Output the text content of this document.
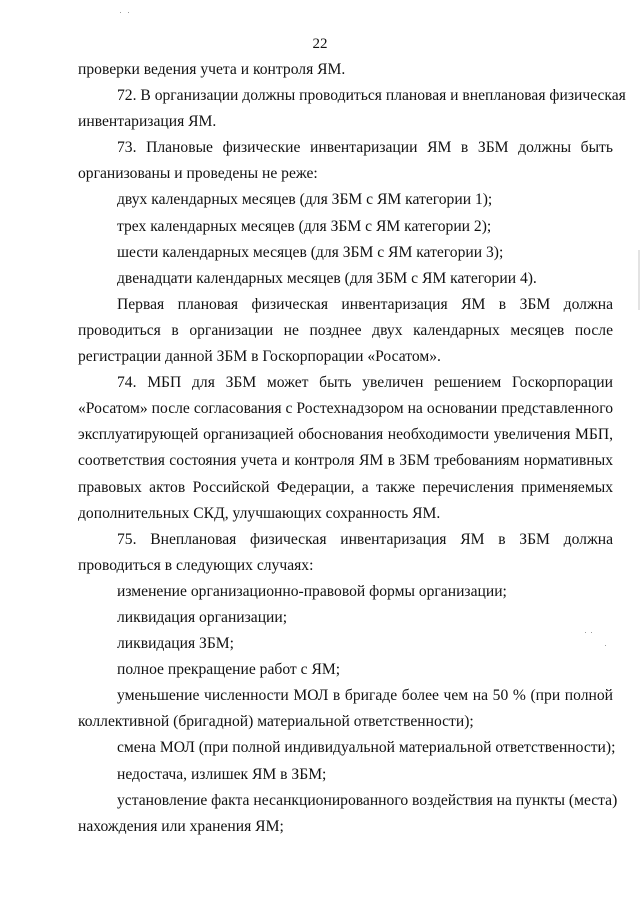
22
проверки ведения учета и контроля ЯМ.
72. В организации должны проводиться плановая и внеплановая физическая
инвентаризация ЯМ.
73. Плановые физические инвентаризации ЯМ в ЗБМ должны быть
организованы и проведены не реже:
двух календарных месяцев (для ЗБМ с ЯМ категории 1);
трех календарных месяцев (для ЗБМ с ЯМ категории 2);
шести календарных месяцев (для ЗБМ с ЯМ категории 3);
двенадцати календарных месяцев (для ЗБМ с ЯМ категории 4).
Первая плановая физическая инвентаризация ЯМ в ЗБМ должна
проводиться в организации не позднее двух календарных месяцев после
регистрации данной ЗБМ в Госкорпорации «Росатом».
74. МБП для ЗБМ может быть увеличен решением Госкорпорации
«Росатом» после согласования с Ростехнадзором на основании представленного
эксплуатирующей организацией обоснования необходимости увеличения МБП,
соответствия состояния учета и контроля ЯМ в ЗБМ требованиям нормативных
правовых актов Российской Федерации, а также перечисления применяемых
дополнительных СКД, улучшающих сохранность ЯМ.
75. Внеплановая физическая инвентаризация ЯМ в ЗБМ должна
проводиться в следующих случаях:
изменение организационно-правовой формы организации;
ликвидация организации;
ликвидация ЗБМ;
полное прекращение работ с ЯМ;
уменьшение численности МОЛ в бригаде более чем на 50 % (при полной
коллективной (бригадной) материальной ответственности);
смена МОЛ (при полной индивидуальной материальной ответственности);
недостача, излишек ЯМ в ЗБМ;
установление факта несанкционированного воздействия на пункты (места)
нахождения или хранения ЯМ;
